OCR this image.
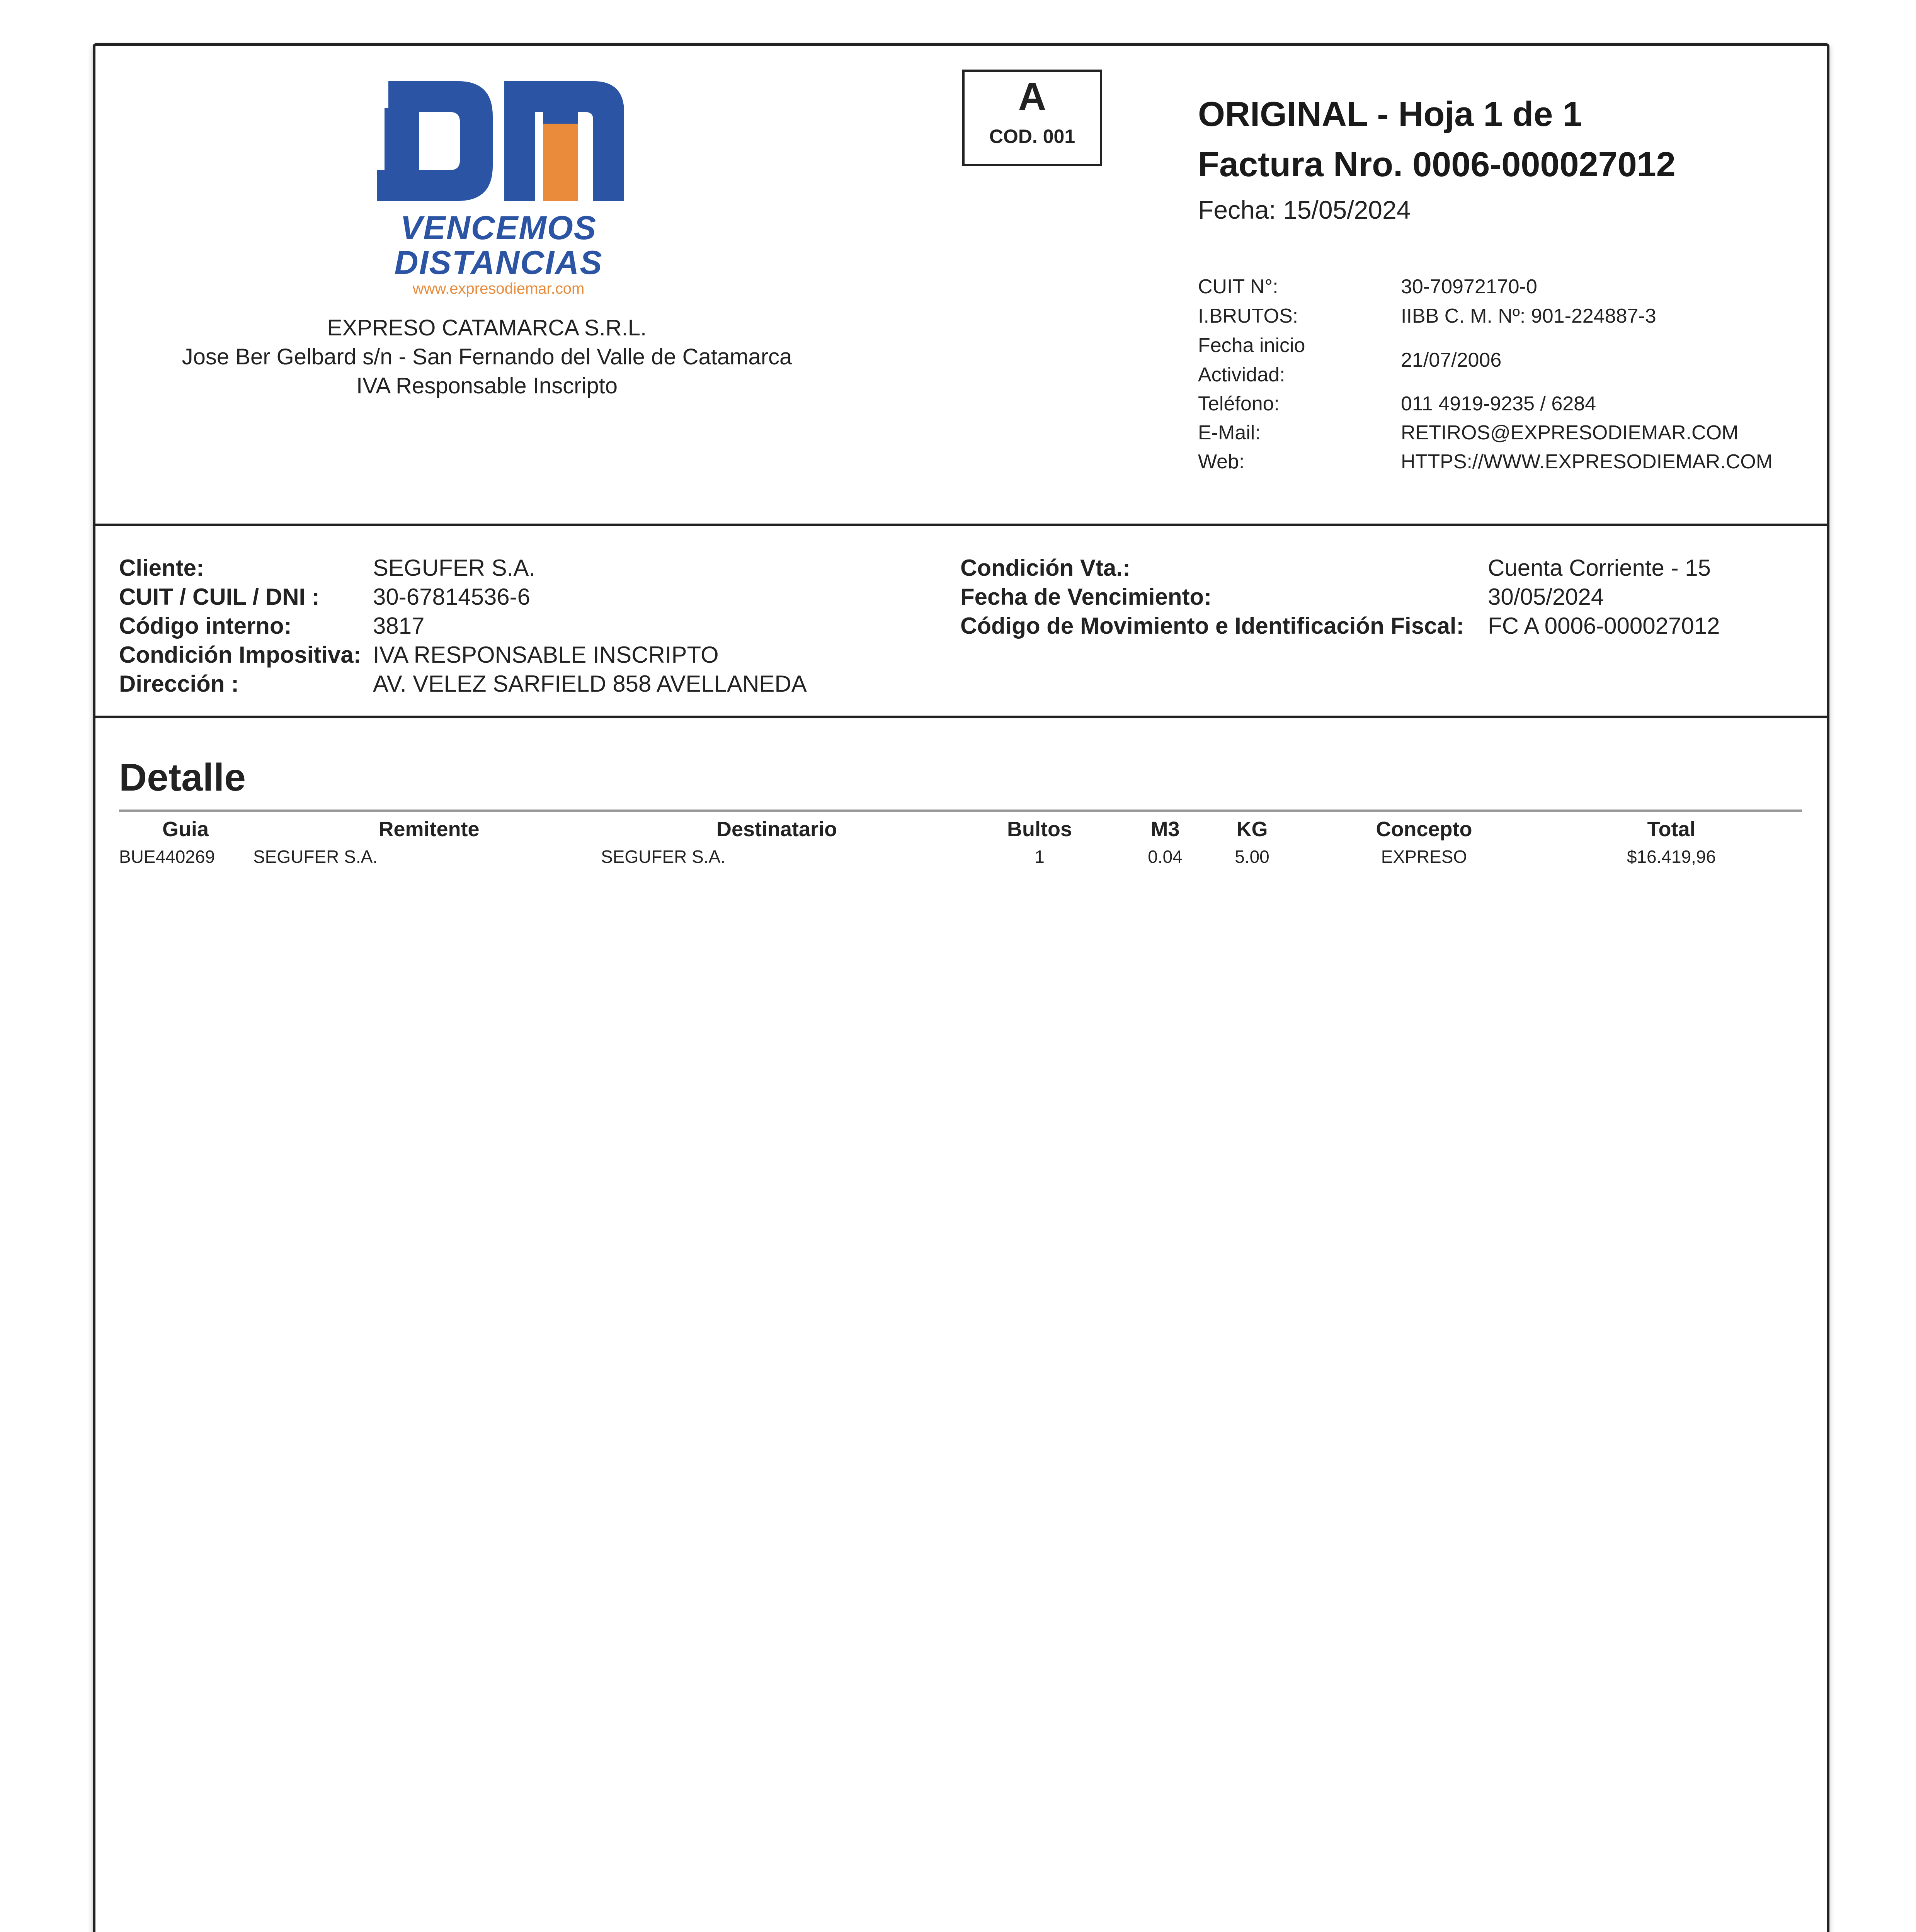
VENCEMOS
DISTANCIAS
www.expresodiemar.com
EXPRESO CATAMARCA S.R.L.
Jose Ber Gelbard s/n - San Fernando del Valle de Catamarca
IVA Responsable Inscripto
A
COD. 001
ORIGINAL - Hoja 1 de 1
Factura Nro. 0006-000027012
Fecha: 15/05/2024
CUIT N°:	30-70972170-0
I.BRUTOS:	IIBB C. M. Nº: 901-224887-3
Fecha inicio
Actividad:
21/07/2006
Teléfono:	011 4919-9235 / 6284
E-Mail:	RETIROS@EXPRESODIEMAR.COM
Web:	HTTPS://WWW.EXPRESODIEMAR.COM
Cliente:	SEGUFER S.A.
CUIT / CUIL / DNI : 30-67814536-6
Código interno:	3817
Condición Impositiva: IVA RESPONSABLE INSCRIPTO
Dirección :	AV. VELEZ SARFIELD 858 AVELLANEDA
Condición Vta.:	Cuenta Corriente - 15
Fecha de Vencimiento:	30/05/2024
Código de Movimiento e Identificación Fiscal: FC A 0006-000027012
Detalle
Guia	Remitente	Destinatario	Bultos	M3	KG	Concepto	Total
BUE440269 SEGUFER S.A.	SEGUFER S.A.	1	0.04	5.00	EXPRESO	$16.419,96
